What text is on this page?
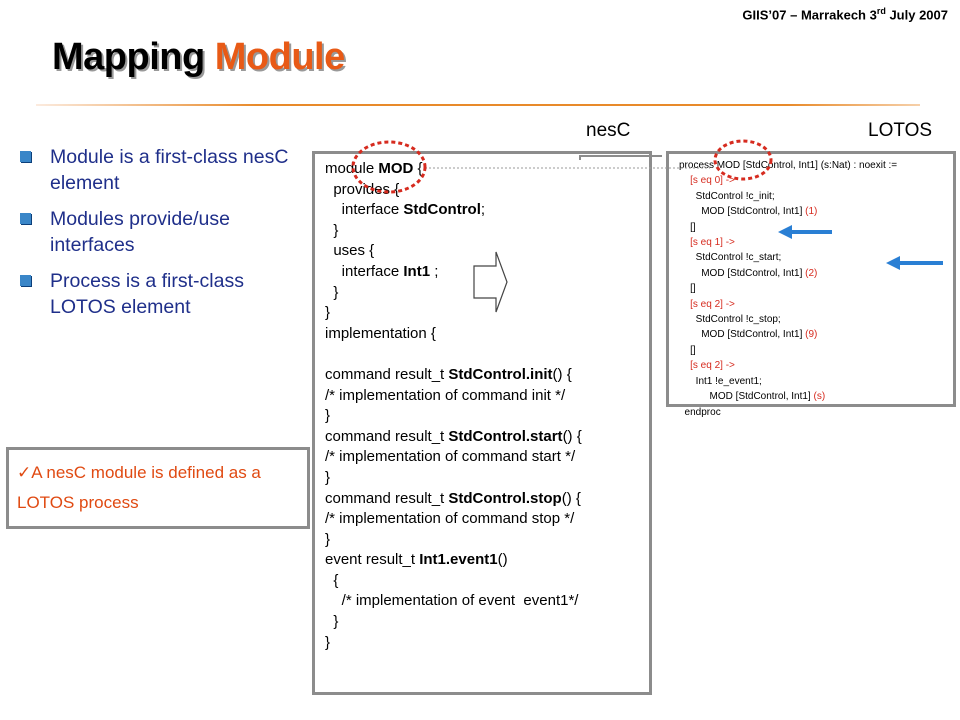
GIIS’07 – Marrakech 3rd July 2007
Mapping Module
Module is a first-class nesC element
Modules provide/use interfaces
Process is a first-class LOTOS element
nesC	LOTOS
module MOD {
provides {
interface StdControl;
}
uses {
interface Int1 ;
}
}
implementation {

command result_t StdControl.init() {
/* implementation of command init */
}
command result_t StdControl.start() {
/* implementation of command start */
}
command result_t StdControl.stop() {
/* implementation of command stop */
}
event result_t Int1.event1()
{
/* implementation of event  event1*/
}
}
process MOD [StdControl, Int1] (s:Nat) : noexit :=
[s eq 0] ->
StdControl !c_init;
MOD [StdControl, Int1] (1)
[]
[s eq 1] ->
StdControl !c_start;
MOD [StdControl, Int1] (2)
[]
[s eq 2] ->
StdControl !c_stop;
MOD [StdControl, Int1] (9)
[]
[s eq 2] ->
Int1 !e_event1;
MOD [StdControl, Int1] (s)
endproc
✓A nesC module is defined as a LOTOS process
